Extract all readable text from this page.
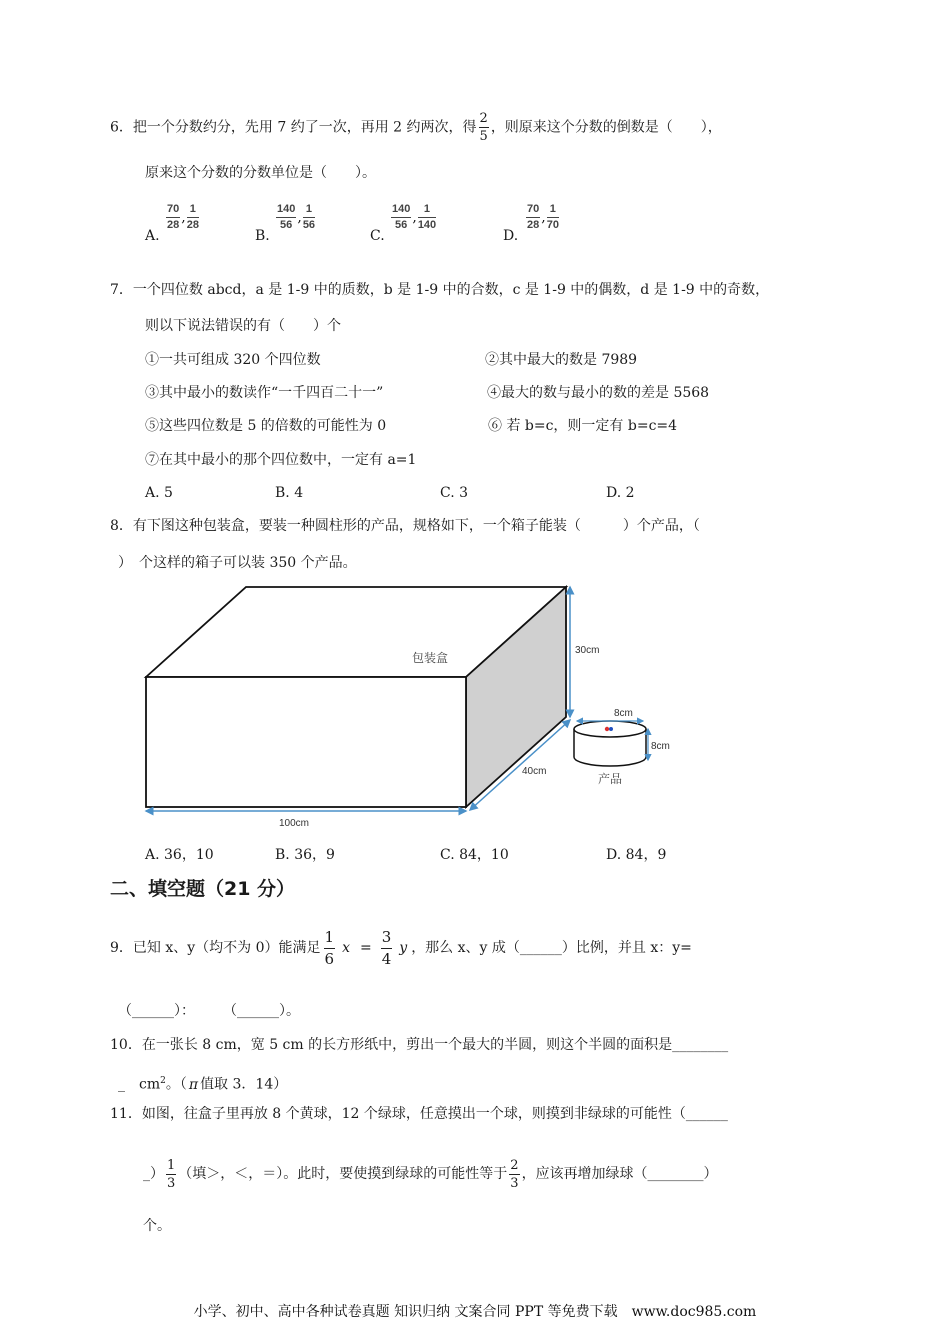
6．把一个分数约分，先用 7 约了一次，再用 2 约两次，得 $\frac{2}{5}$ ，则原来这个分数的倒数是（　　），
原来这个分数的分数单位是（　　）。
A.
$\frac{70}{28}$ , $\frac{1}{28}$
B.
$\frac{140}{56}$ , $\frac{1}{56}$
C.
$\frac{140}{56}$ , $\frac{1}{140}$
D.
$\frac{70}{28}$ , $\frac{1}{70}$
7．一个四位数 abcd，a 是 1-9 中的质数，b 是 1-9 中的合数，c 是 1-9 中的偶数，d 是 1-9 中的奇数，
则以下说法错误的有（　　）个
①一共可组成 320 个四位数	②其中最大的数是 7989
③其中最小的数读作“一千四百二十一”	④最大的数与最小的数的差是 5568
⑤这些四位数是 5 的倍数的可能性为 0	⑥ 若 b=c，则一定有 b=c=4
⑦在其中最小的那个四位数中，一定有 a=1
A. 5	B. 4	C. 3	D. 2
8．有下图这种包装盒，要装一种圆柱形的产品，规格如下，一个箱子能装（　　　）个产品，（
）　个这样的箱子可以装 350 个产品。
包装盒
30cm
40cm
100cm
8cm
8cm
产品
A. 36，10	B. 36，9	C. 84，10	D. 84，9
二、填空题（21 分）
9．已知 x、y（均不为 0）能满足 $\frac{1}{6}$ $x = \frac{3}{4}$ y ，那么 x、y 成（______）比例，并且 x：y=
（______）：　　　（______）。
10．在一张长 8 cm，宽 5 cm 的长方形纸中，剪出一个最大的半圆，则这个半圆的面积是________
_　$cm^2$。（ π 值取 3．14）
11．如图，往盒子里再放 8 个黄球，12 个绿球，任意摸出一个球，则摸到非绿球的可能性（______
_） $\frac{1}{3}$ （填＞，＜，＝）。此时，要使摸到绿球的可能性等于 $\frac{2}{3}$ ，应该再增加绿球（________）
个。
小学、初中、高中各种试卷真题 知识归纳 文案合同 PPT 等免费下载　www.doc985.com
